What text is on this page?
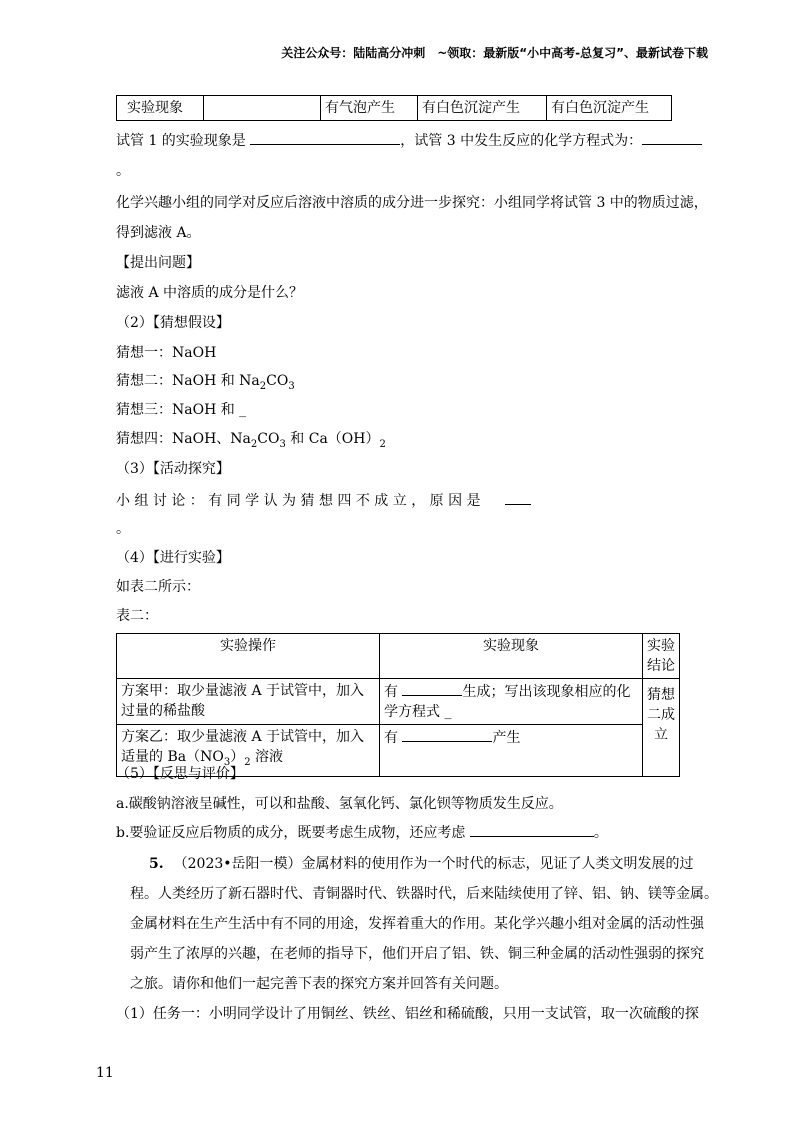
关注公众号：陆陆高分冲刺　~领取：最新版“小中高考-总复习”、最新试卷下载
实验现象		有气泡产生	有白色沉淀产生	有白色沉淀产生
试管 1 的实验现象是	，试管 3 中发生反应的化学方程式为：
。
化学兴趣小组的同学对反应后溶液中溶质的成分进一步探究：小组同学将试管 3 中的物质过滤，
得到滤液 A。
【提出问题】
滤液 A 中溶质的成分是什么？
（2）【猜想假设】
猜想一：NaOH
猜想二：NaOH 和 $Na_2CO_3$
猜想三：NaOH 和 _
猜想四：NaOH、$Na_2CO_3$ 和 $Ca(OH)_2$
（3）【活动探究】
小 组 讨 论 ： 有 同 学 认 为 猜 想 四 不 成 立 ， 原 因 是
。
（4）【进行实验】
如表二所示：
表二：
实验操作	实验现象	实验结论
方案甲：取少量滤液 A 于试管中，加入过量的稀盐酸	有 生成；写出该现象相应的化学方程式 _	猜想二成立
方案乙：取少量滤液 A 于试管中，加入适量的 $Ba(NO_3)_2$ 溶液	有 产生	
（5）【反思与评价】
a.碳酸钠溶液呈碱性，可以和盐酸、氢氧化钙、氯化钡等物质发生反应。
b.要验证反应后物质的成分，既要考虑生成物，还应考虑	。
5. （2023•岳阳一模）金属材料的使用作为一个时代的标志，见证了人类文明发展的过
程。人类经历了新石器时代、青铜器时代、铁器时代，后来陆续使用了锌、铝、钠、镁等金属。
金属材料在生产生活中有不同的用途，发挥着重大的作用。某化学兴趣小组对金属的活动性强
弱产生了浓厚的兴趣，在老师的指导下，他们开启了铝、铁、铜三种金属的活动性强弱的探究
之旅。请你和他们一起完善下表的探究方案并回答有关问题。
（1）任务一：小明同学设计了用铜丝、铁丝、铝丝和稀硫酸，只用一支试管，取一次硫酸的探
11
